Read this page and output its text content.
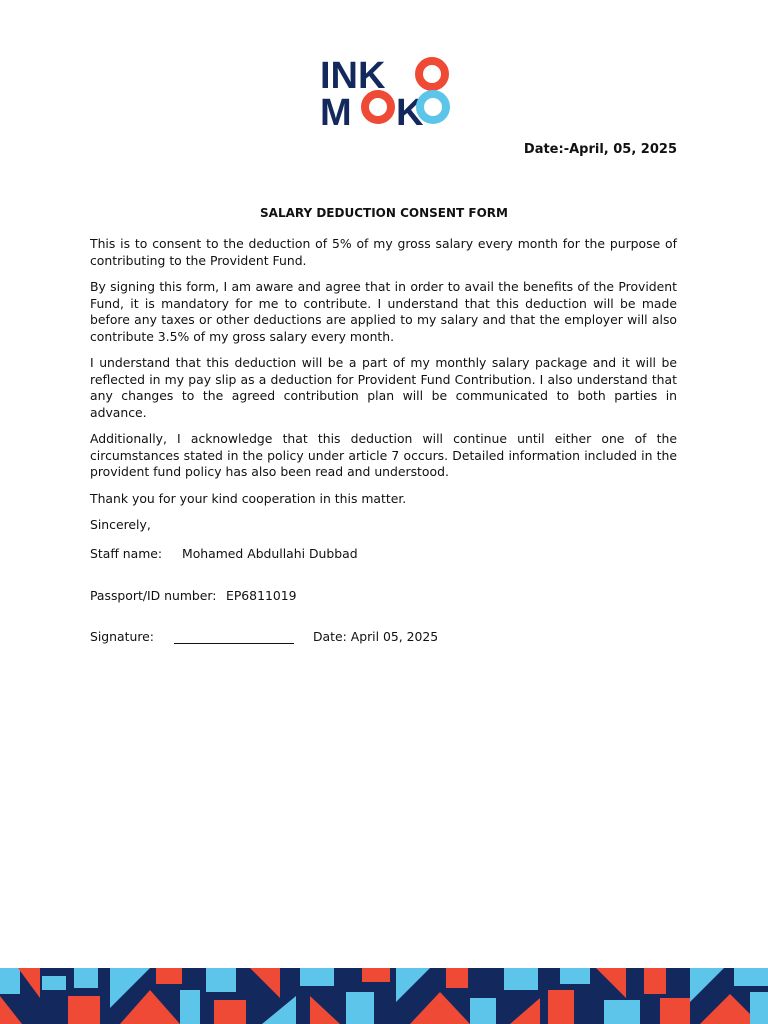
INK
M K
Date:-April, 05, 2025
SALARY DEDUCTION CONSENT FORM

This is to consent to the deduction of 5% of my gross salary every month for the purpose of contributing to the Provident Fund.

By signing this form, I am aware and agree that in order to avail the benefits of the Provident Fund, it is mandatory for me to contribute. I understand that this deduction will be made before any taxes or other deductions are applied to my salary and that the employer will also contribute 3.5% of my gross salary every month.

I understand that this deduction will be a part of my monthly salary package and it will be reflected in my pay slip as a deduction for Provident Fund Contribution. I also understand that any changes to the agreed contribution plan will be communicated to both parties in advance.

Additionally, I acknowledge that this deduction will continue until either one of the circumstances stated in the policy under article 7 occurs. Detailed information included in the provident fund policy has also been read and understood.

Thank you for your kind cooperation in this matter.

Sincerely,

Staff name: Mohamed Abdullahi Dubbad
Passport/ID number: EP6811019
Signature:	Date: April 05, 2025
